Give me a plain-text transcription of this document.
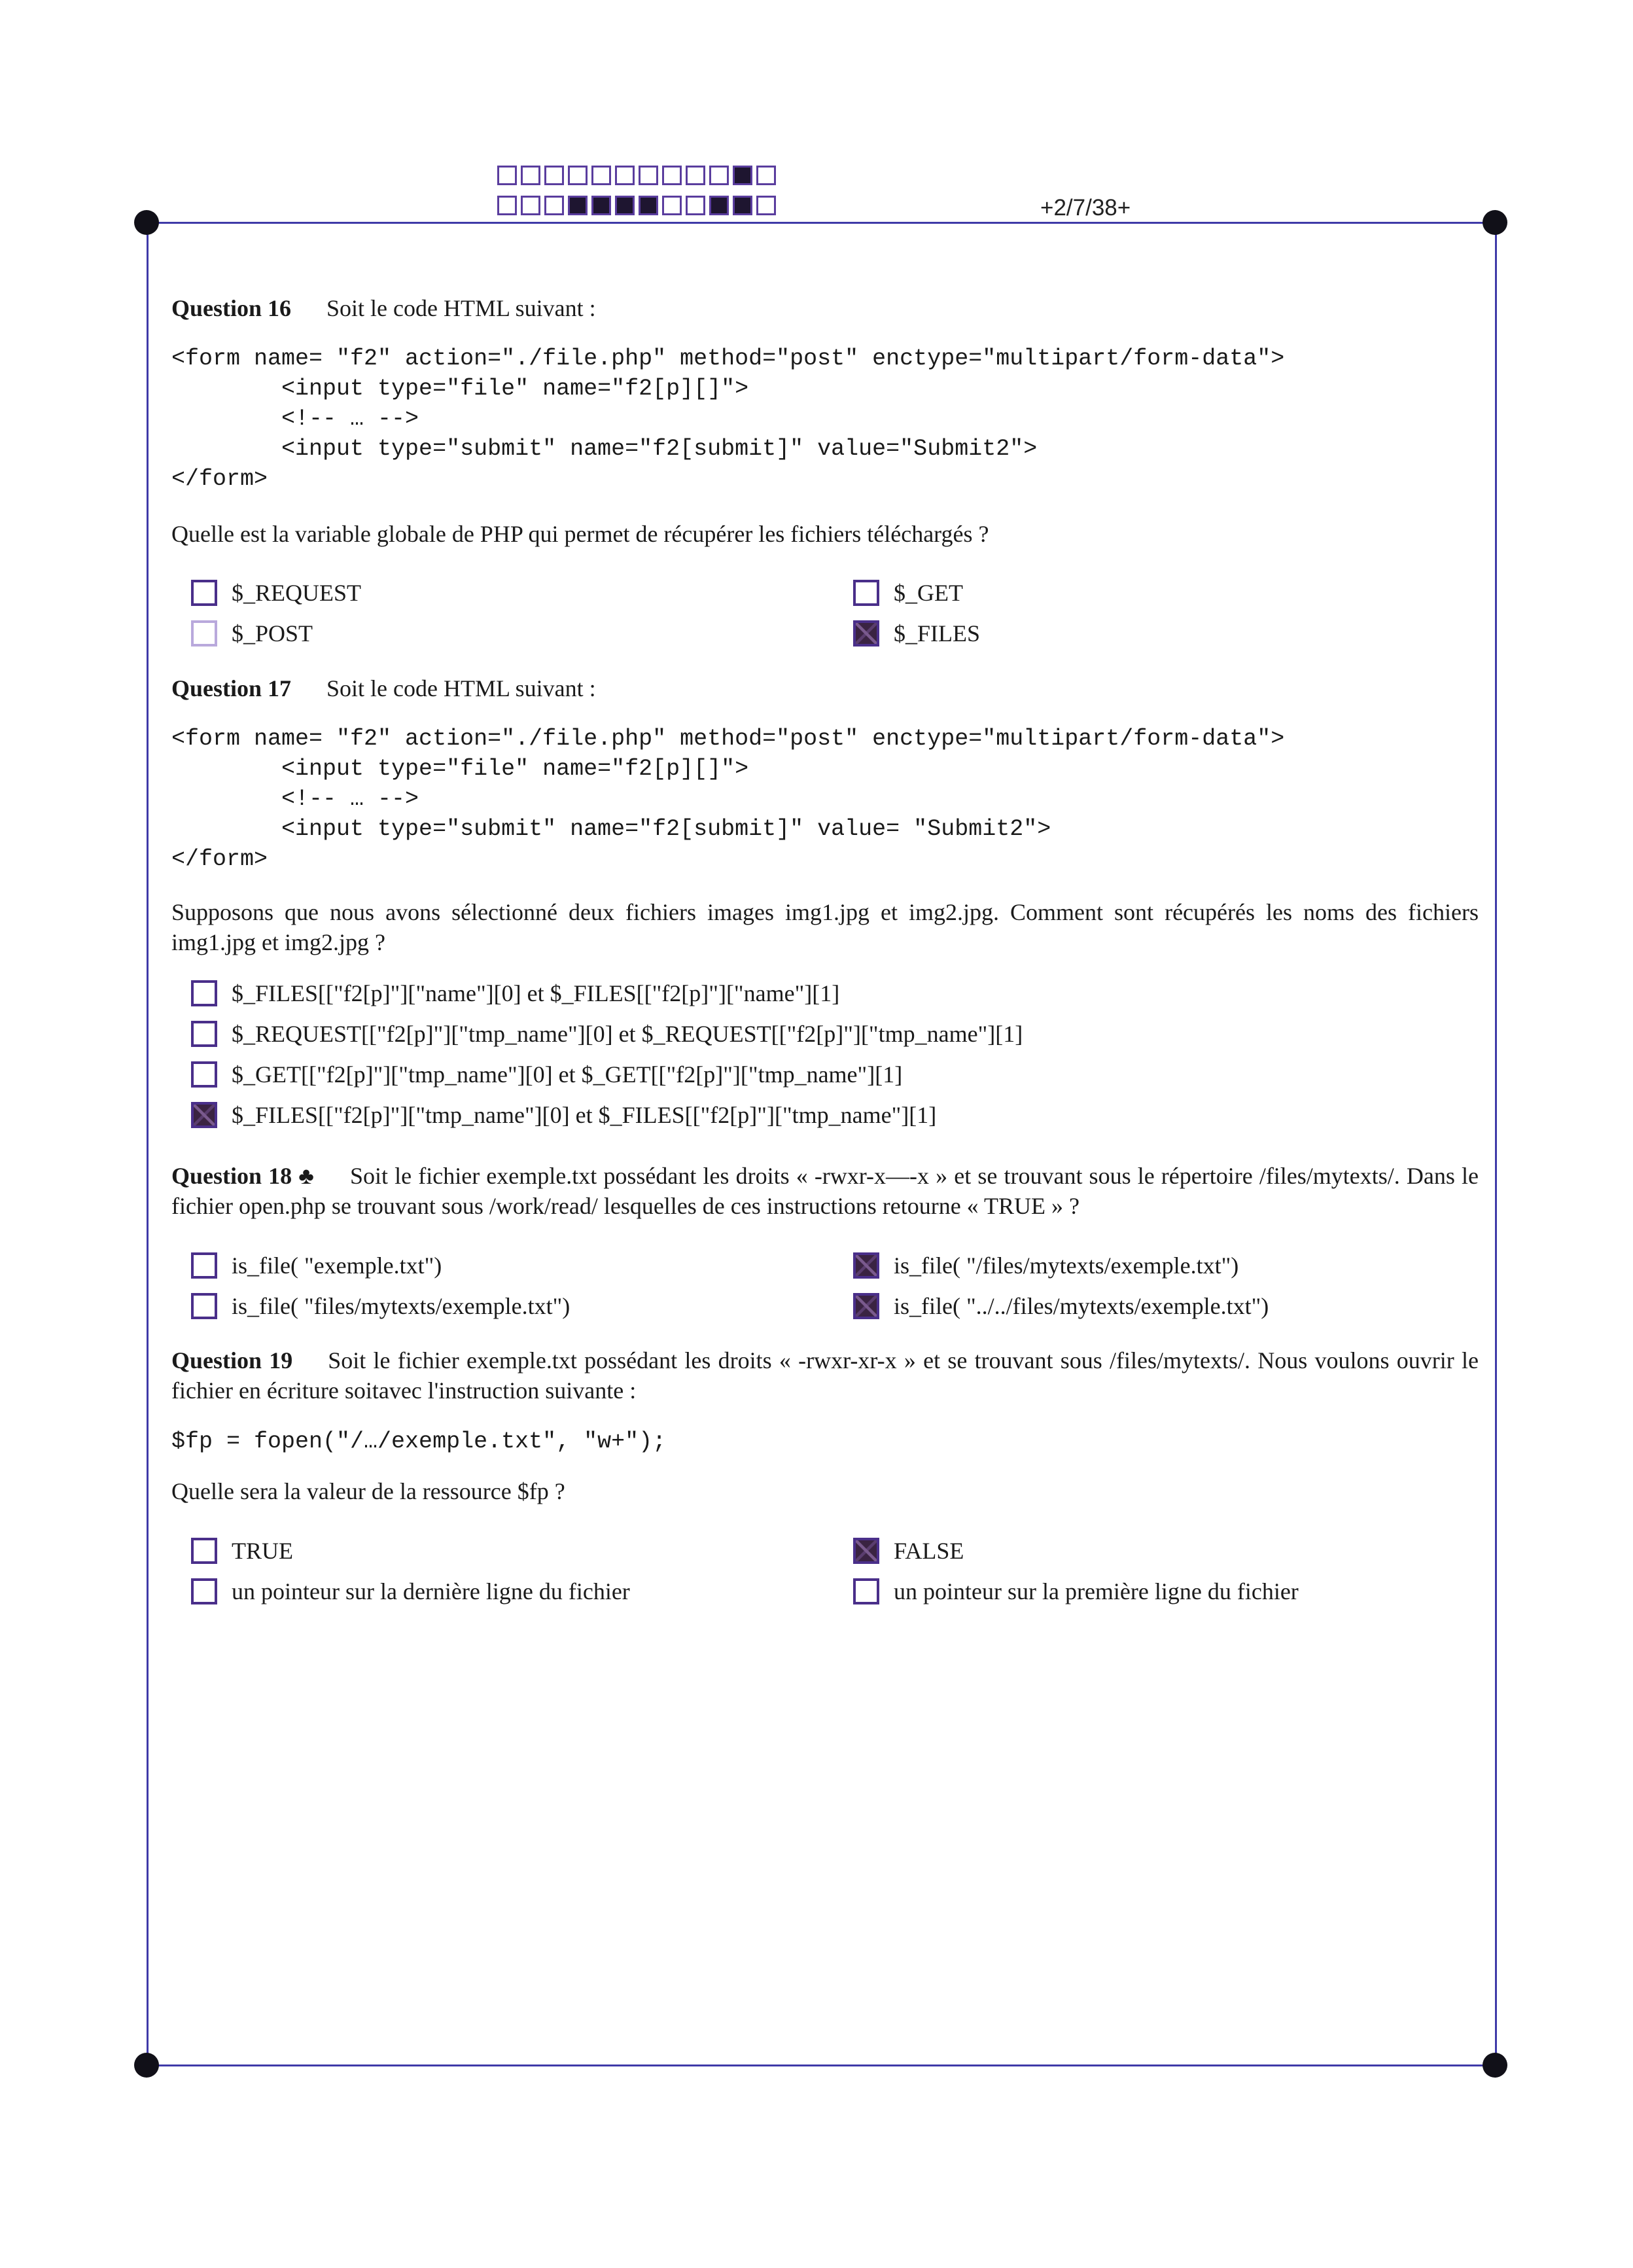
+2/7/38+
Question 16 Soit le code HTML suivant :
<form name= "f2" action="./file.php" method="post" enctype="multipart/form-data">
<input type="file" name="f2[p][]">
<!-- … -->
<input type="submit" name="f2[submit]" value="Submit2">
</form>
Quelle est la variable globale de PHP qui permet de récupérer les fichiers téléchargés ?
$_REQUEST	$_GET
$_POST	$_FILES
Question 17 Soit le code HTML suivant :
<form name= "f2" action="./file.php" method="post" enctype="multipart/form-data">
<input type="file" name="f2[p][]">
<!-- … -->
<input type="submit" name="f2[submit]" value= "Submit2">
</form>
Supposons que nous avons sélectionné deux fichiers images img1.jpg et img2.jpg. Comment sont récupérés les noms des fichiers img1.jpg et img2.jpg ?
$_FILES[["f2[p]"]["name"][0] et $_FILES[["f2[p]"]["name"][1]
$_REQUEST[["f2[p]"]["tmp_name"][0] et $_REQUEST[["f2[p]"]["tmp_name"][1]
$_GET[["f2[p]"]["tmp_name"][0] et $_GET[["f2[p]"]["tmp_name"][1]
$_FILES[["f2[p]"]["tmp_name"][0] et $_FILES[["f2[p]"]["tmp_name"][1]
Question 18 ♣ Soit le fichier exemple.txt possédant les droits « -rwxr-x—-x » et se trouvant sous le répertoire /files/mytexts/. Dans le fichier open.php se trouvant sous /work/read/ lesquelles de ces instructions retourne « TRUE » ?
is_file( "exemple.txt")	is_file( "/files/mytexts/exemple.txt")
is_file( "files/mytexts/exemple.txt")	is_file( "../../files/mytexts/exemple.txt")
Question 19 Soit le fichier exemple.txt possédant les droits « -rwxr-xr-x » et se trouvant sous /files/mytexts/. Nous voulons ouvrir le fichier en écriture soitavec l'instruction suivante :
$fp = fopen("/…/exemple.txt", "w+");
Quelle sera la valeur de la ressource $fp ?
TRUE	FALSE
un pointeur sur la dernière ligne du fichier	un pointeur sur la première ligne du fichier
